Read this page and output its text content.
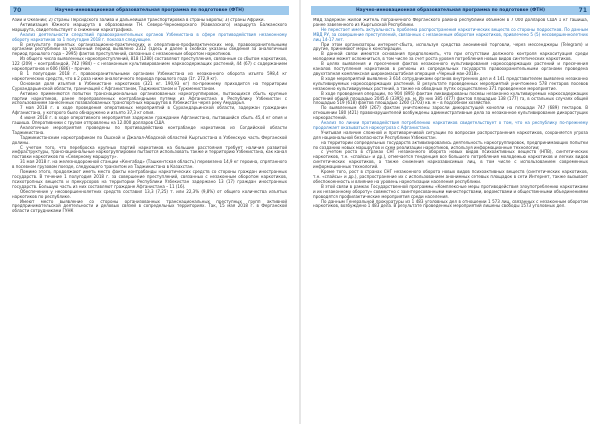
70	Научно-инновационная образовательная программа по подготовке (ФТН)

Азии и Океании; 2) страны Персидского залива и дальнейшая транспортировка в страны Европы; 3) страны Африки.

Активизация Южного маршрута в образовании ТН. Северо-Черноморского (Кавказского) маршрута Балканского маршрута, свидетельствует о снижении наркотрафика.

Анализ деятельности следствий правоохранительных органов Узбекистана в сфере противодействия незаконному обороту наркотиков за 1 полугодие 2018 г. показал следующее.

В результате принятых организационно-практических и оперативно-профилактических мер, правоохранительными органами республики за указанный период выявлено 2312 (здесь и далее в скобках указаны сведения за аналогичный период прошлого года – 2995) фактов преступлений, связанных с незаконным оборотом наркотиков.

Из общего числа выявленных наркопреступлений, 818 (1280) составляют преступления, связанные со сбытом наркотиков, 122 (209) – контрабандой, 742 (984) – с незаконным культивированием наркосодержащих растений, 44 (67) с содержанием наркопритонов и 606 (686) – прочие.

В 1 полугодии 2018 г. правоохранительными органами Узбекистана из незаконного оборота изъято 598,4 кг наркотических средств, что в 2 раза ниже аналогичного периода прошлого года (1т. 272,9 кг).

Основная доля изъятия в Узбекистане наркотиков (321 кг. 190,93 кг) по-прежнему приходится на территории Сурхандарьинской области, граничащей с Афганистаном, Таджикистаном и Туркменистаном.

Активно применяются попытки транснациональных организованных наркогруппировок, пытающихся сбыть крупные партии наркотиков, ранее переправленных контрабандными путями из Афганистана в Республику Узбекистан с использованием занесенных позавалованных транспортных маршрутов в Узбекистан через реку Амударья.

7 мая 2018 г. в ходе проведения оперативных мероприятий в Сурхандарьинской области, задержан гражданин Афганистана, у которого было обнаружено и изъято 37,3 кг опия.

4 июня 2018 г. в ходе оперативного мероприятия задержан гражданин Афганистана, пытавшийся сбыть 45,4 кг опия и гашиша. Оперативники с грузом отправлены на 12.000 долларов США.

Аналогичные мероприятия проведены по противодействию контрабанде наркотиков из Согдийской области Таджикистана.

Таджикистанским наркотрафиком по Ошской и Джалал-Абадской областей Кыргызстана в Узбекскую часть Ферганской долины.

С учетом того, что переброска крупных партий наркотиков на большие расстояния требует наличия развитой инфраструктуры, транснациональные наркогруппировки пытаются использовать также и территорию Узбекистана, как канал поставки наркотиков по «Северному маршруту».

31 мая 2018 г. на железнодорожной станции «Кенгабад» (Ташкентская область) перевезено 14,9 кг героина, спрятанного в посевном грузовом поезде, следующего транзитом из Таджикистана в Казахстан.

Помимо этого, продолжают иметь место факты контрабанды наркотических средств со стороны граждан иностранных государств. В течение 1 полугодия 2018 г. за совершение преступлений, связанных с незаконным оборотом наркотиков, психотропных веществ и прекурсоров на территории Республики Узбекистан задержано 13 (17) граждан иностранных государств. Большую часть из них составляют граждане Афганистана – 11 (16).

Обеспечение у несовершеннолетних средств составил 13,3 (7,25) т. или 22,3% (9,8%) от общего количества изъятых наркотиков по республике.

Имеют место выявление со стороны организованных транснациональных преступных групп активной предпринимательской деятельности и деловых связей в сопредельных территориях. Так, 15 мая 2018 г. в Ферганской области сотрудниками ГУНК

71
Научно-инновационная образовательная программа по подготовке (ФТН)

МВД задержан жилой житель пограничного Ферганского района республики объемом в 7 000 долларов США 1 кг гашиша, ранее завезенного из Кыргызской Республики.

Не перестает иметь актуальность проблема распространения наркотических веществ со стороны подростков. По данным МВД РУ, за совершение преступлений, связанных с незаконным оборотом наркотиков, привлечено 5 (5) несовершеннолетних лиц 14-17 лет.

При этом организаторы интернет-сбыта, используя средства анонимной торговли, через мессенджеры (Telegram) и другие, принимают меры к конспирации.

В данной связи имеются основания предположить, что при отсутствии должного контроля наркоситуация среди молодежи может осложниться, в том числе за счет роста уровня потребления новых видов синтетических наркотиков.

В целях выявления и пресечения фактов незаконного культивирования наркосодержащих растений и пресечения каналов поступления наркотиков в регионы из сопредельных государств правоохранительными органами проведена двухэтапная комплексная широкомасштабная операция «Черный мак-2018».

В ходе мероприятий выявлено 3 614 сотрудниками органов внутренних дел и 4 141 представителем выявлено незаконно культивируемых наркосодержащих растений. В результате проведенных мероприятий уничтожено 578 гектаров посевов незаконно культивируемых растений, а также на обводных путях осуществлено 371 проведенное мероприятие.

В ходе проведения операции, по 904 (895) фактам ликвидированы посевы незаконно культивируемых наркосодержащих растений общей площадью 2045,6 (3395) кв. м. Из них 385 (477) фактов площадью 138 (177) га, в остальных случаях общей площадью 519 (618) фактов площадью 1260 (1703) кв. м – в подсобном хозяйстве.

По выявленным 449 (267) фактам уничтожены заросли дикорастущей конопли на площади 747 (689) гектаров. В отношении 180 (421) правонарушителей возбуждены административные дела за незаконное культивирование дикорастущих наркорастений.

Анализ по линии противодействия потреблению наркотиков свидетельствует о том, что на республику по-прежнему продолжает оказываться наркоугроза с Афганистана.

Учитывая наличие сложной и противоречивой ситуации по вопросам распространения наркотиков, сохраняется угроза для национальной безопасности Республики Узбекистан.

на территории сопредельных государств активизировались деятельность наркогруппировок, предпринимающих попытки по созданию новых маршрутов и схем реализации наркотиков, используя информационные технологии;

с учетом роста в странах СНГ незаконного оборота новых видов психоактивных веществ (НПВ), синтетических наркотиков, т.н. «спайсы» и др.), отмечается тенденция все большего потребления молодежью наркотиков и легких видов синтетических наркотиков, а также снижения наркозависимых лиц, в том числе с использованием современных информационных технологий.

Кроме того, рост в странах СНГ незаконного оборота новых видов психоактивных веществ (синтетических наркотиков, т.н. «спайсы» и др.), распространение их с использованием анонимных сетевых площадок в сети Интернет, также вызывает обеспокоенность и влияние на уровень наркотизации населения республики.

В этой связи в рамках Государственной программы «Комплексные меры противодействия злоупотреблению наркотиками и их незаконному обороту» совместно с заинтересованными министерствами, ведомствами и общественными объединениями проводятся профилактические мероприятия среди населения.

По данным Генеральной прокуратуры из 1 483 уголовных дел в отношении 1 573 лиц, связанных с незаконным оборотом наркотиков, возбуждено 1 483 дела. В результате проведенных мероприятий лишены свободы 1573 уголовных дел.
